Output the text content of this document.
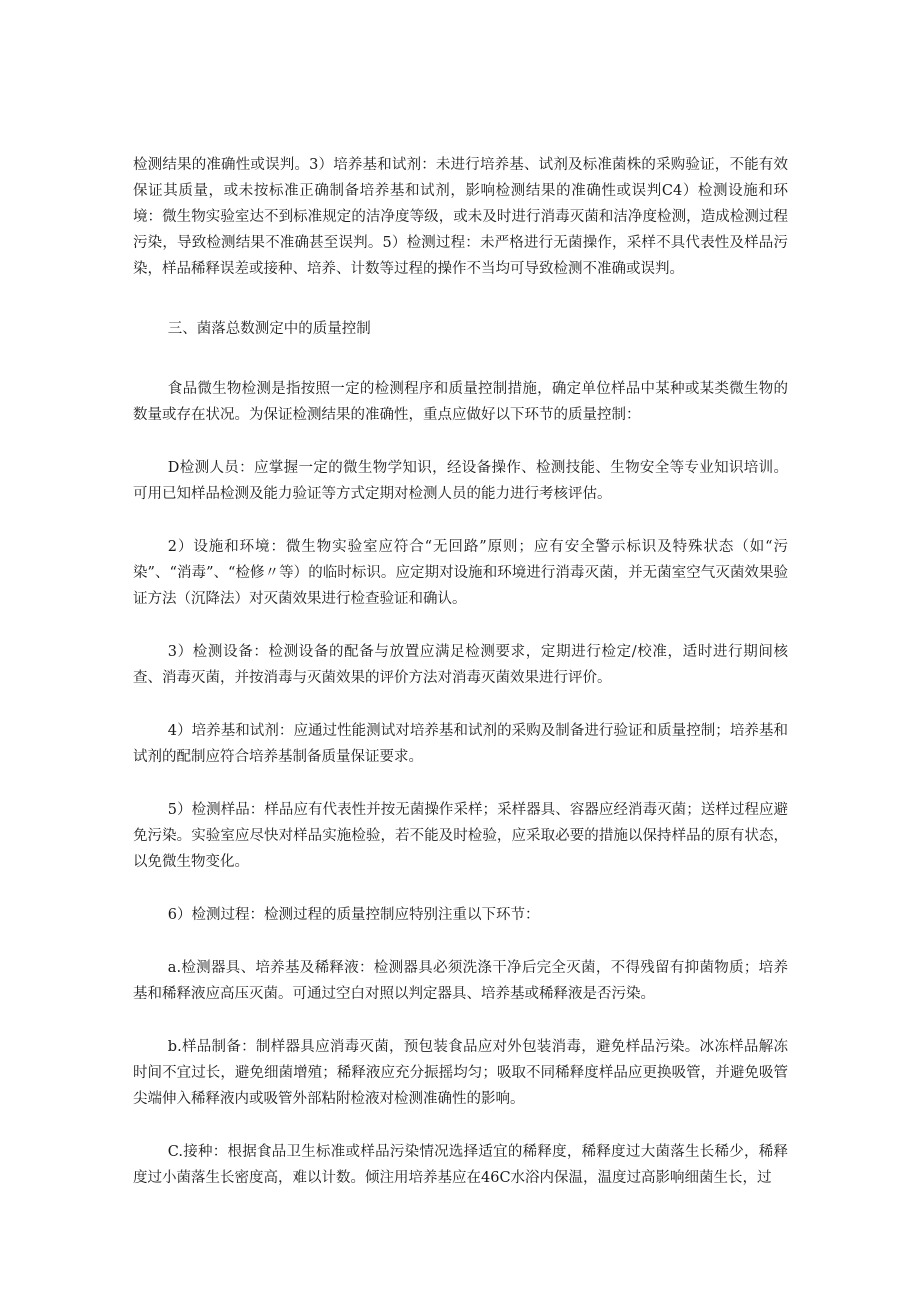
检测结果的准确性或误判。3）培养基和试剂：未进行培养基、试剂及标准菌株的采购验证，不能有效保证其质量，或未按标准正确制备培养基和试剂，影响检测结果的准确性或误判C4）检测设施和环境：微生物实验室达不到标准规定的洁净度等级，或未及时进行消毒灭菌和洁净度检测，造成检测过程污染，导致检测结果不准确甚至误判。5）检测过程：未严格进行无菌操作，采样不具代表性及样品污染，样品稀释误差或接种、培养、计数等过程的操作不当均可导致检测不准确或误判。

三、菌落总数测定中的质量控制

食品微生物检测是指按照一定的检测程序和质量控制措施，确定单位样品中某种或某类微生物的数量或存在状况。为保证检测结果的准确性，重点应做好以下环节的质量控制：

D检测人员：应掌握一定的微生物学知识，经设备操作、检测技能、生物安全等专业知识培训。可用已知样品检测及能力验证等方式定期对检测人员的能力进行考核评估。

2）设施和环境：微生物实验室应符合“无回路”原则；应有安全警示标识及特殊状态（如“污染”、“消毒”、“检修〃等）的临时标识。应定期对设施和环境进行消毒灭菌，并无菌室空气灭菌效果验证方法（沉降法）对灭菌效果进行检查验证和确认。

3）检测设备：检测设备的配备与放置应满足检测要求，定期进行检定/校准，适时进行期间核查、消毒灭菌，并按消毒与灭菌效果的评价方法对消毒灭菌效果进行评价。

4）培养基和试剂：应通过性能测试对培养基和试剂的采购及制备进行验证和质量控制；培养基和试剂的配制应符合培养基制备质量保证要求。

5）检测样品：样品应有代表性并按无菌操作采样；采样器具、容器应经消毒灭菌；送样过程应避免污染。实验室应尽快对样品实施检验，若不能及时检验，应采取必要的措施以保持样品的原有状态，以免微生物变化。

6）检测过程：检测过程的质量控制应特别注重以下环节：

a.检测器具、培养基及稀释液：检测器具必须洗涤干净后完全灭菌，不得残留有抑菌物质；培养基和稀释液应高压灭菌。可通过空白对照以判定器具、培养基或稀释液是否污染。

b.样品制备：制样器具应消毒灭菌，预包装食品应对外包装消毒，避免样品污染。冰冻样品解冻时间不宜过长，避免细菌增殖；稀释液应充分振摇均匀；吸取不同稀释度样品应更换吸管，并避免吸管尖端伸入稀释液内或吸管外部粘附检液对检测准确性的影响。

C.接种：根据食品卫生标准或样品污染情况选择适宜的稀释度，稀释度过大菌落生长稀少，稀释度过小菌落生长密度高，难以计数。倾注用培养基应在46C水浴内保温，温度过高影响细菌生长，过
